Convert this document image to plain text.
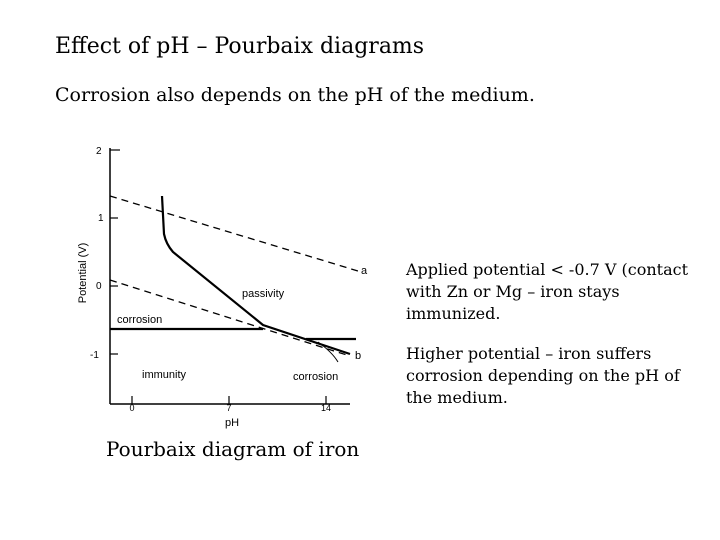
Effect of pH – Pourbaix diagrams
Corrosion also depends on the pH of the medium.
2
1
0
-1
Potential (V)
0	7	14
pH
a
b
passivity
corrosion
immunity	corrosion
Applied potential < -0.7 V (contact with Zn or Mg – iron stays immunized.
Higher potential – iron suffers corrosion depending on the pH of the medium.
Pourbaix diagram of iron
